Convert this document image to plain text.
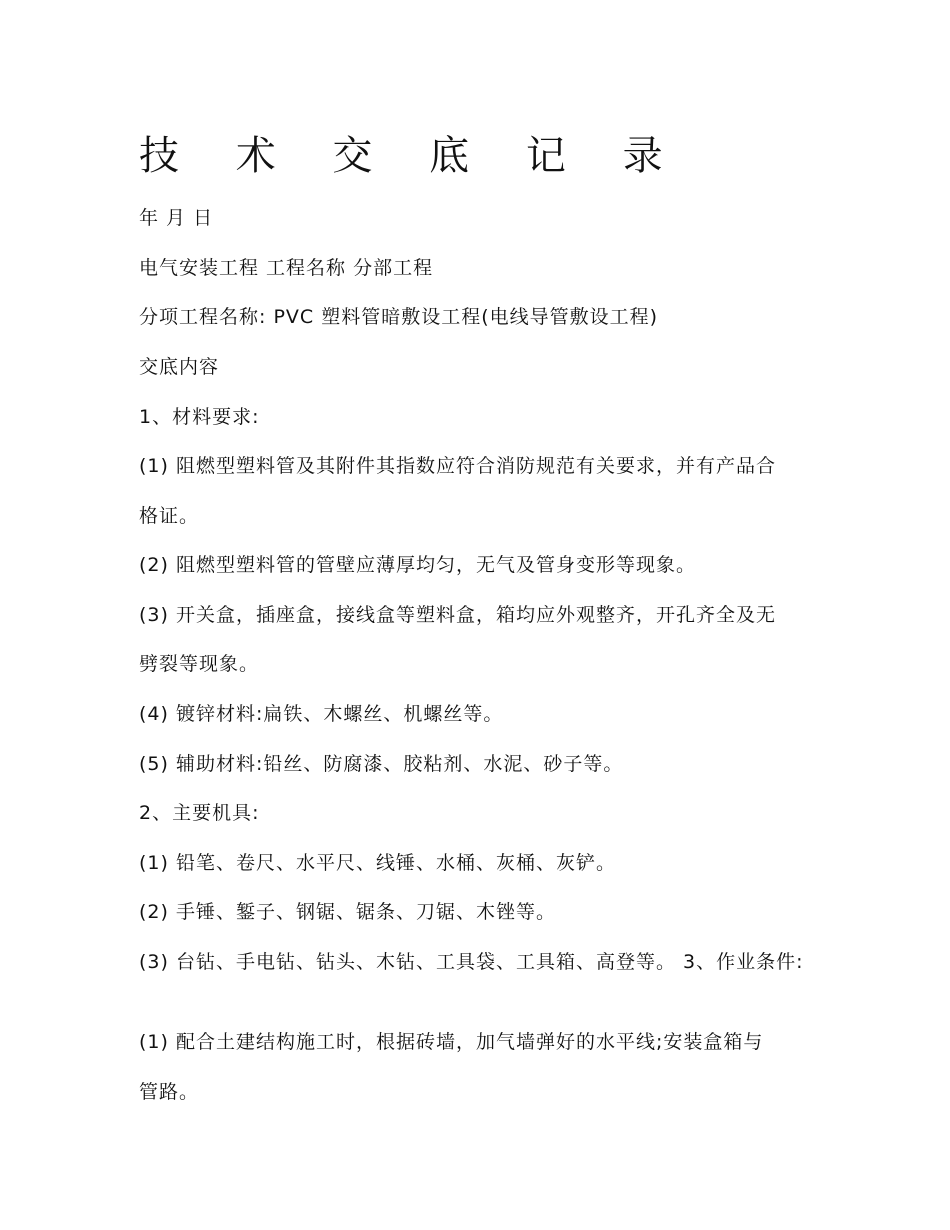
技 术 交 底 记 录
年 月 日
电气安装工程 工程名称 分部工程
分项工程名称: PVC 塑料管暗敷设工程(电线导管敷设工程)
交底内容
1、材料要求:
(1) 阻燃型塑料管及其附件其指数应符合消防规范有关要求，并有产品合
格证。
(2) 阻燃型塑料管的管壁应薄厚均匀，无气及管身变形等现象。
(3) 开关盒，插座盒，接线盒等塑料盒，箱均应外观整齐，开孔齐全及无
劈裂等现象。
(4) 镀锌材料:扁铁、木螺丝、机螺丝等。
(5) 辅助材料:铅丝、防腐漆、胶粘剂、水泥、砂子等。
2、主要机具:
(1) 铅笔、卷尺、水平尺、线锤、水桶、灰桶、灰铲。
(2) 手锤、錾子、钢锯、锯条、刀锯、木锉等。
(3) 台钻、手电钻、钻头、木钻、工具袋、工具箱、高登等。 3、作业条件:
(1) 配合土建结构施工时，根据砖墙，加气墙弹好的水平线;安装盒箱与
管路。
